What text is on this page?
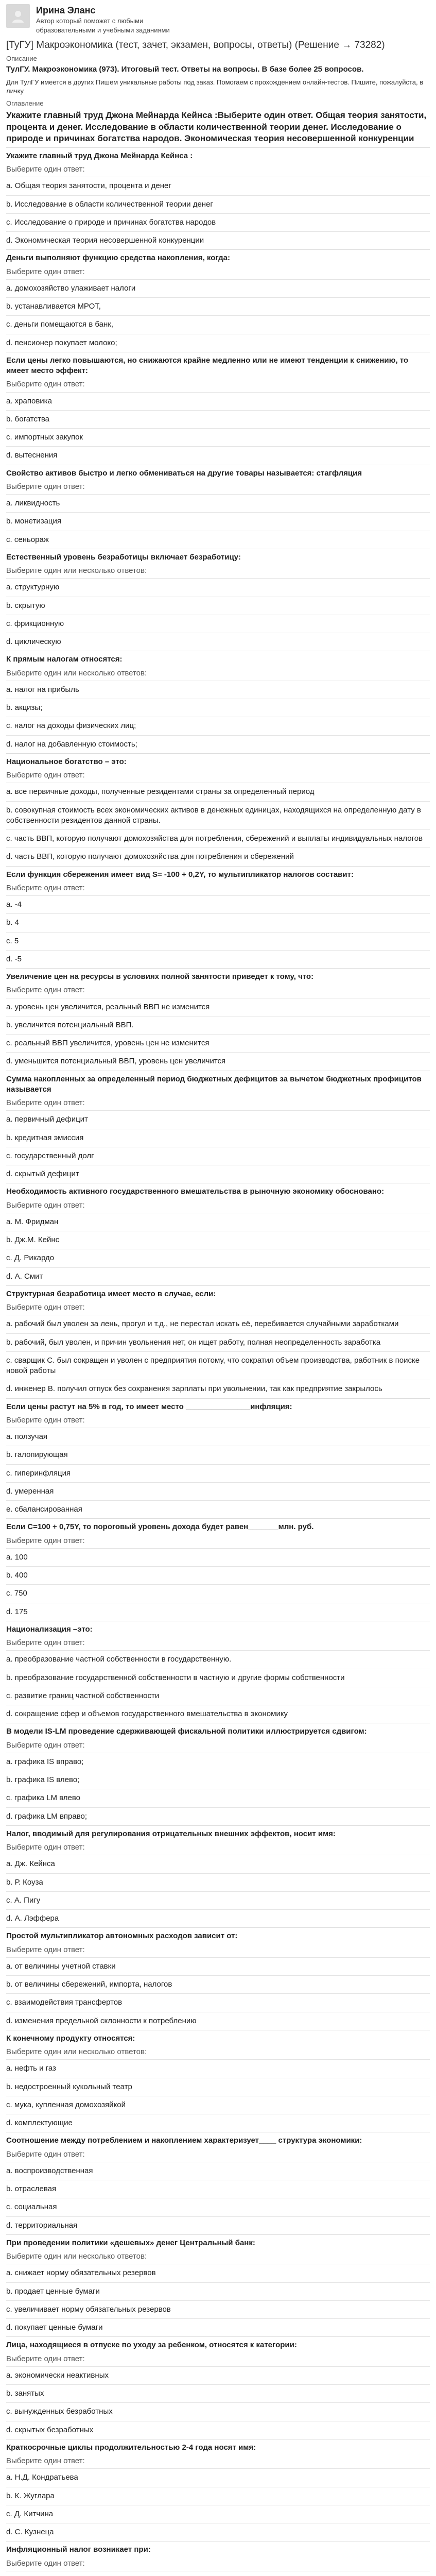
Ирина Эланс
Автор который поможет с любыми образовательными и учебными заданиями
[ТуГУ] Макроэкономика (тест, зачет, экзамен, вопросы, ответы) (Решение → 73282)
Описание
ТулГУ. Макроэкономика (973). Итоговый тест. Ответы на вопросы. В базе более 25 вопросов.
Для ТулГУ имеется в других Пишем уникальные работы под заказ. Помогаем с прохождением онлайн-тестов. Пишите, пожалуйста, в личку
Оглавление
Укажите главный труд Джона Мейнарда Кейнса :Выберите один ответ. Общая теория занятости, процента и денег. Исследование в области количественной теории денег. Исследование о природе и причинах богатства народов. Экономическая теория несовершенной конкуренции
Укажите главный труд Джона Мейнарда Кейнса :
Выберите один ответ:
a. Общая теория занятости, процента и денег
b. Исследование в области количественной теории денег
c. Исследование о природе и причинах богатства народов
d. Экономическая теория несовершенной конкуренции
Деньги выполняют функцию средства накопления, когда:
Выберите один ответ:
a. домохозяйство улаживает налоги
b. устанавливается МРОТ,
c. деньги помещаются в банк,
d. пенсионер покупает молоко;
Если цены легко повышаются, но снижаются крайне медленно или не имеют тенденции к снижению, то имеет место эффект:
Выберите один ответ:
a. храповика
b. богатства
c. импортных закупок
d. вытеснения
Свойство активов быстро и легко обмениваться на другие товары называется: стагфляция
Выберите один ответ:
a. ликвидность
b. монетизация
c. сеньораж
Естественный уровень безработицы включает безработицу:
Выберите один или несколько ответов:
a. структурную
b. скрытую
c. фрикционную
d. циклическую
К прямым налогам относятся:
Выберите один или несколько ответов:
a. налог на прибыль
b. акцизы;
c. налог на доходы физических лиц;
d. налог на добавленную стоимость;
Национальное богатство – это:
Выберите один ответ:
a. все первичные доходы, полученные резидентами страны за определенный период
b. совокупная стоимость всех экономических активов в денежных единицах, находящихся на определенную дату в собственности резидентов данной страны.
c. часть ВВП, которую получают домохозяйства для потребления, сбережений и выплаты индивидуальных налогов
d. часть ВВП, которую получают домохозяйства для потребления и сбережений
Если функция сбережения имеет вид S= -100 + 0,2Y, то мультипликатор налогов составит:
Выберите один ответ:
a. -4
b. 4
c. 5
d. -5
Увеличение цен на ресурсы в условиях полной занятости приведет к тому, что:
Выберите один ответ:
a. уровень цен увеличится, реальный ВВП не изменится
b. увеличится потенциальный ВВП.
c. реальный ВВП увеличится, уровень цен не изменится
d. уменьшится потенциальный ВВП, уровень цен увеличится
Сумма накопленных за определенный период бюджетных дефицитов за вычетом бюджетных профицитов называется
Выберите один ответ:
a. первичный дефицит
b. кредитная эмиссия
c. государственный долг
d. скрытый дефицит
Необходимость активного государственного вмешательства в рыночную экономику обосновано:
Выберите один ответ:
a. М. Фридман
b. Дж.М. Кейнс
c. Д. Рикардо
d. А. Смит
Структурная безработица имеет место в случае, если:
Выберите один ответ:
a. рабочий был уволен за лень, прогул и т.д., не перестал искать её, перебивается случайными заработками
b. рабочий, был уволен, и причин увольнения нет, он ищет работу, полная неопределенность заработка
c. сварщик С. был сокращен и уволен с предприятия потому, что сократил объем производства, работник в поиске новой работы
d. инженер В. получил отпуск без сохранения зарплаты при увольнении, так как предприятие закрылось
Если цены растут на 5% в год, то имеет место _______________инфляция:
Выберите один ответ:
a. ползучая
b. галопирующая
c. гиперинфляция
d. умеренная
e. сбалансированная
Если C=100 + 0,75Y, то пороговый уровень дохода будет равен_______млн. руб.
Выберите один ответ:
a. 100
b. 400
c. 750
d. 175
Национализация –это:
Выберите один ответ:
a. преобразование частной собственности в государственную.
b. преобразование государственной собственности в частную и другие формы собственности
c. развитие границ частной собственности
d. сокращение сфер и объемов государственного вмешательства в экономику
В модели IS-LM проведение сдерживающей фискальной политики иллюстрируется сдвигом:
Выберите один ответ:
a. графика IS вправо;
b. графика IS влево;
c. графика LM влево
d. графика LM вправо;
Налог, вводимый для регулирования отрицательных внешних эффектов, носит имя:
Выберите один ответ:
a. Дж. Кейнса
b. Р. Коуза
c. А. Пигу
d. А. Лэффера
Простой мультипликатор автономных расходов зависит от:
Выберите один ответ:
a. от величины учетной ставки
b. от величины сбережений, импорта, налогов
c. взаимодействия трансфертов
d. изменения предельной склонности к потреблению
К конечному продукту относятся:
Выберите один или несколько ответов:
a. нефть и газ
b. недостроенный кукольный театр
c. мука, купленная домохозяйкой
d. комплектующие
Соотношение между потреблением и накоплением характеризует____ структура экономики:
Выберите один ответ:
a. воспроизводственная
b. отраслевая
c. социальная
d. территориальная
При проведении политики «дешевых» денег Центральный банк:
Выберите один или несколько ответов:
a. снижает норму обязательных резервов
b. продает ценные бумаги
c. увеличивает норму обязательных резервов
d. покупает ценные бумаги
Лица, находящиеся в отпуске по уходу за ребенком, относятся к категории:
Выберите один ответ:
a. экономически неактивных
b. занятых
c. вынужденных безработных
d. скрытых безработных
Краткосрочные циклы продолжительностью 2-4 года носят имя:
Выберите один ответ:
a. Н.Д. Кондратьева
b. К. Жуглара
c. Д. Китчина
d. С. Кузнеца
Инфляционный налог возникает при:
Выберите один ответ:
